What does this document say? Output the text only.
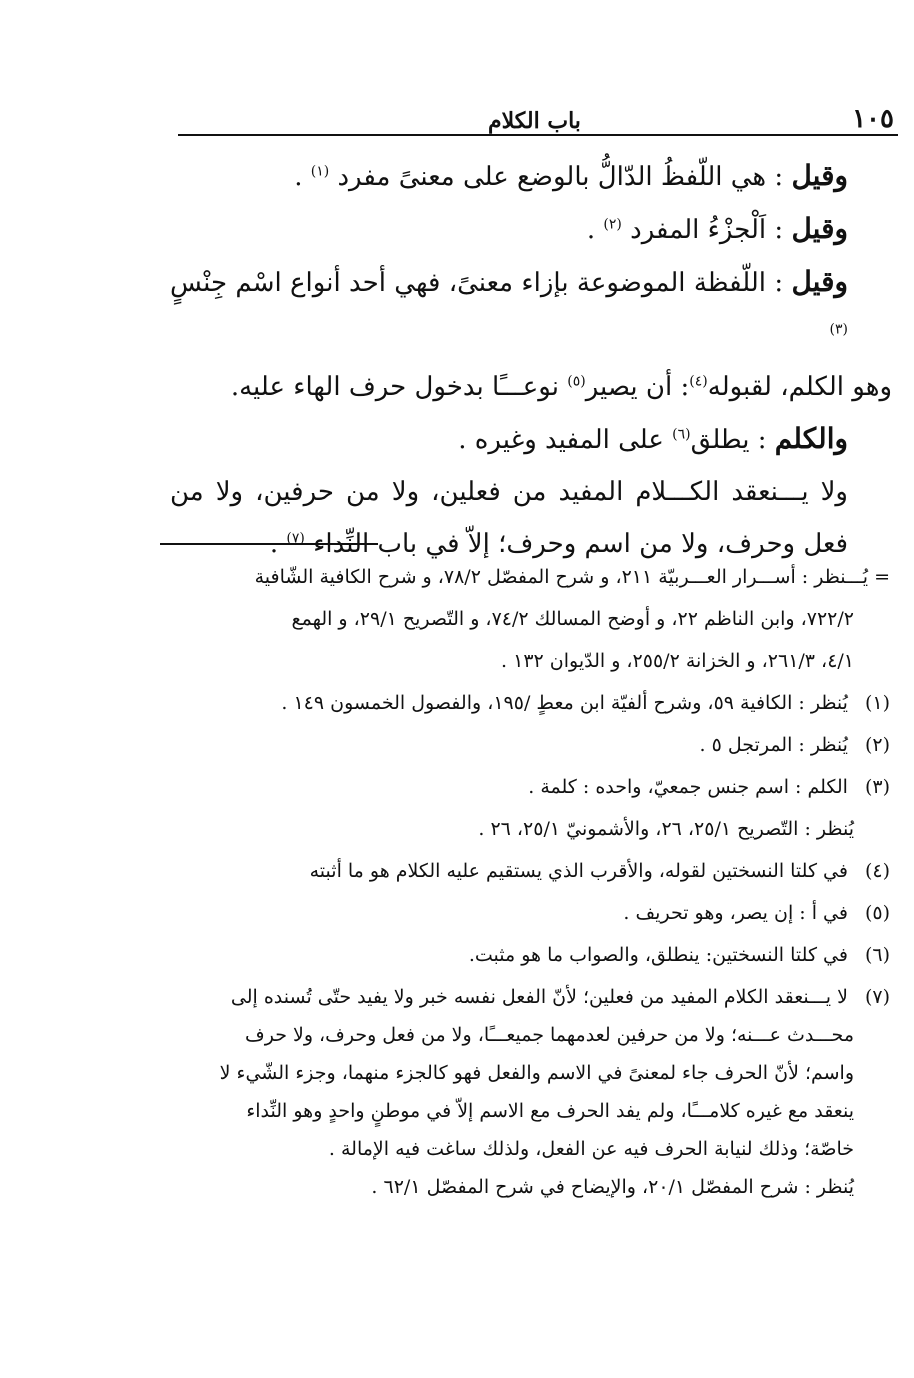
١٠٥
باب الكلام

وقيل : هي اللّفظُ الدّالُّ بالوضع على معنىً مفرد $^{(١)}$ .

وقيل : اَلْجزْءُ المفرد $^{(٢)}$ .

وقيل : اللّفظة الموضوعة بإزاء معنىً، فهي أحد أنواع اسْم جِنْسٍ $^{(٣)}$

وهو الكلم، لقبوله$^{(٤)}$: أن يصير$^{(٥)}$ نوعـــًا بدخول حرف الهاء عليه.

والكلم : يطلق$^{(٦)}$ على المفيد وغيره .

ولا يـــنعقد الكـــلام المفيد من فعلين، ولا من حرفين، ولا من فعل وحرف، ولا من اسم وحرف؛ إلاّ في باب النِّداء $^{(٧)}$ .

= يُـــنظر : أســـرار العـــربيّة ٢١١، و شرح المفصّل ٧٨/٢، و شرح الكافية الشّافية
٧٢٢/٢، وابن الناظم ٢٢، و أوضح المسالك ٧٤/٢، و التّصريح ٢٩/١، و الهمع
٤/١، ٢٦١/٣، و الخزانة ٢٥٥/٢، و الدّيوان ١٣٢ .
(١) يُنظر : الكافية ٥٩، وشرح ألفيّة ابن معطٍ /١٩٥، والفصول الخمسون ١٤٩ .
(٢) يُنظر : المرتجل ٥ .
(٣) الكلم : اسم جنس جمعيّ، واحده : كلمة .
يُنظر : التّصريح ٢٥/١، ٢٦، والأشمونيّ ٢٥/١، ٢٦ .
(٤) في كلتا النسختين لقوله، والأقرب الذي يستقيم عليه الكلام هو ما أثبته
(٥) في أ : إن يصر، وهو تحريف .
(٦) في كلتا النسختين: ينطلق، والصواب ما هو مثبت.
(٧) لا يـــنعقد الكلام المفيد من فعلين؛ لأنّ الفعل نفسه خبر ولا يفيد حتّى تُسنده إلى
محـــدث عـــنه؛ ولا من حرفين لعدمهما جميعـــًا، ولا من فعل وحرف، ولا حرف
واسم؛ لأنّ الحرف جاء لمعنىً في الاسم والفعل فهو كالجزء منهما، وجزء الشّيء لا
ينعقد مع غيره كلامـــًا، ولم يفد الحرف مع الاسم إلاّ في موطنٍ واحدٍ وهو النِّداء
خاصّة؛ وذلك لنيابة الحرف فيه عن الفعل، ولذلك ساغت فيه الإمالة .
يُنظر : شرح المفصّل ٢٠/١، والإيضاح في شرح المفصّل ٦٢/١ .
